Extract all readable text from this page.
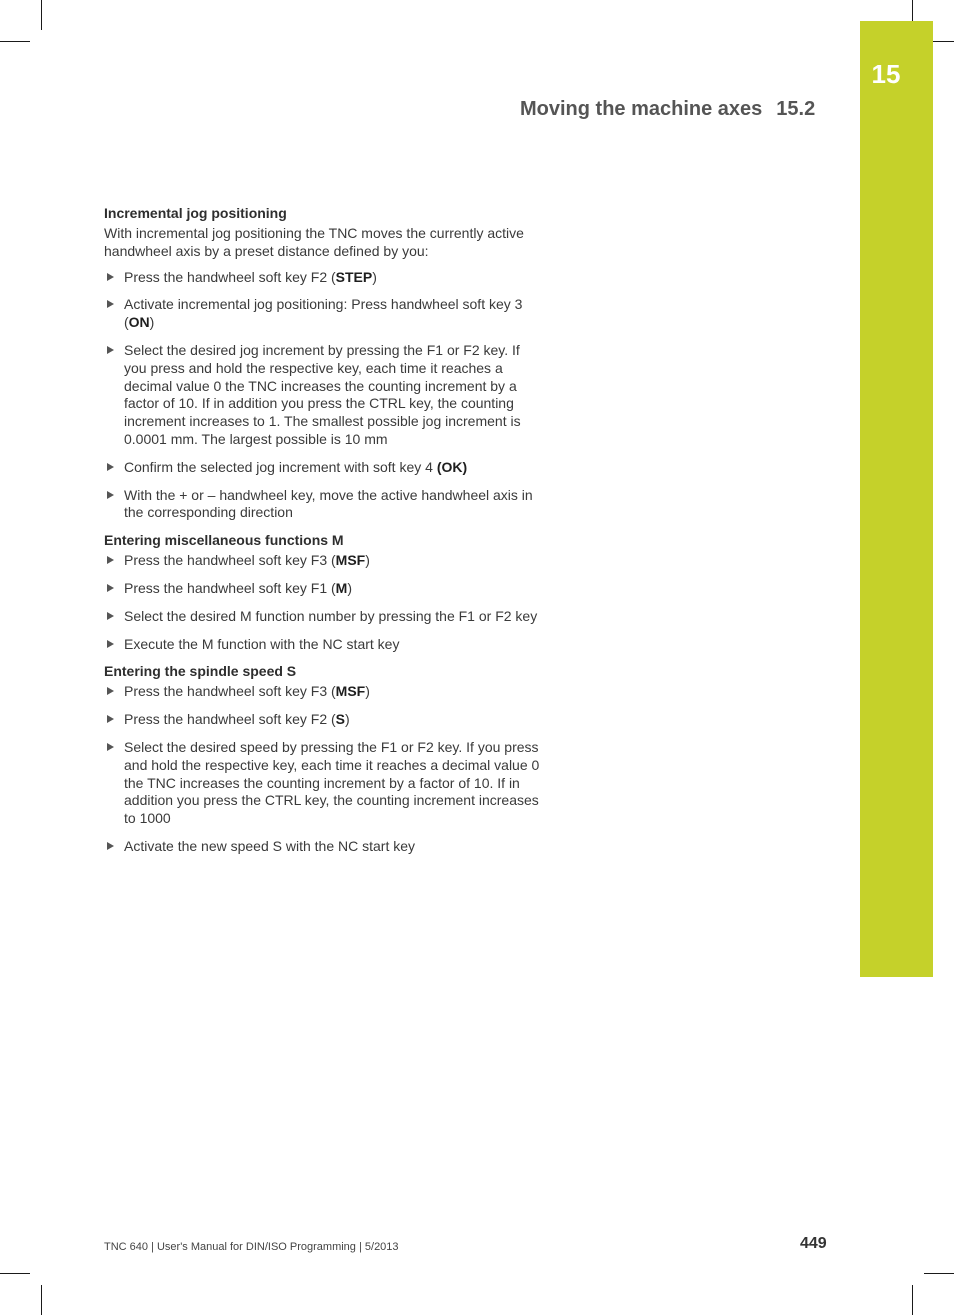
15
Moving the machine axes 15.2
Incremental jog positioning

With incremental jog positioning the TNC moves the currently active handwheel axis by a preset distance defined by you:

Press the handwheel soft key F2 (STEP)
Activate incremental jog positioning: Press handwheel soft key 3 (ON)
Select the desired jog increment by pressing the F1 or F2 key. If you press and hold the respective key, each time it reaches a decimal value 0 the TNC increases the counting increment by a factor of 10. If in addition you press the CTRL key, the counting increment increases to 1. The smallest possible jog increment is 0.0001 mm. The largest possible is 10 mm
Confirm the selected jog increment with soft key 4 (OK)
With the + or – handwheel key, move the active handwheel axis in the corresponding direction
Entering miscellaneous functions M
Press the handwheel soft key F3 (MSF)
Press the handwheel soft key F1 (M)
Select the desired M function number by pressing the F1 or F2 key
Execute the M function with the NC start key
Entering the spindle speed S
Press the handwheel soft key F3 (MSF)
Press the handwheel soft key F2 (S)
Select the desired speed by pressing the F1 or F2 key. If you press and hold the respective key, each time it reaches a decimal value 0 the TNC increases the counting increment by a factor of 10. If in addition you press the CTRL key, the counting increment increases to 1000
Activate the new speed S with the NC start key
TNC 640 | User's Manual for DIN/ISO Programming | 5/2013	449
